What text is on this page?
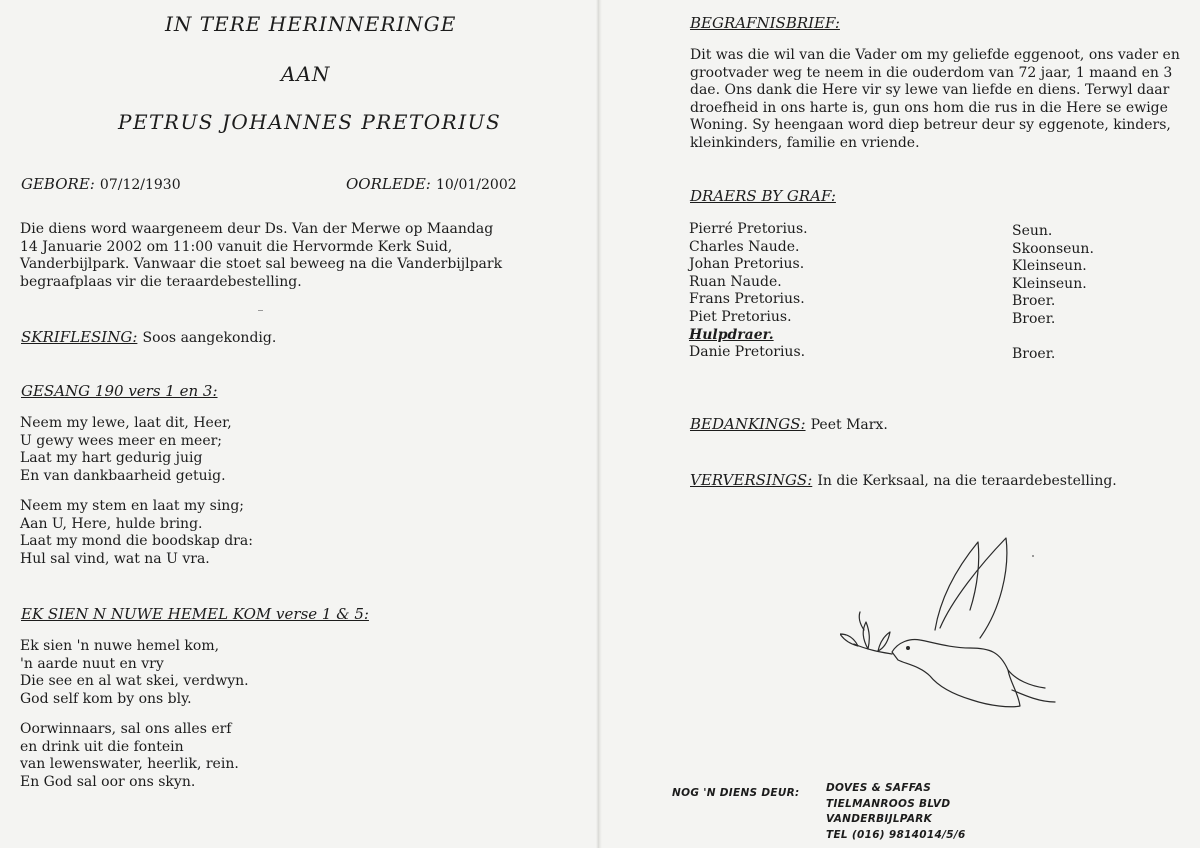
IN TERE HERINNERINGE
AAN
PETRUS JOHANNES PRETORIUS
GEBORE: 07/12/1930	OORLEDE: 10/01/2002
Die diens word waargeneem deur Ds. Van der Merwe op Maandag
14 Januarie 2002 om 11:00 vanuit die Hervormde Kerk Suid,
Vanderbijlpark. Vanwaar die stoet sal beweeg na die Vanderbijlpark
begraafplaas vir die teraardebestelling.
SKRIFLESING: Soos aangekondig.
GESANG 190 vers 1 en 3:
Neem my lewe, laat dit, Heer,
U gewy wees meer en meer;
Laat my hart gedurig juig
En van dankbaarheid getuig.
Neem my stem en laat my sing;
Aan U, Here, hulde bring.
Laat my mond die boodskap dra:
Hul sal vind, wat na U vra.
EK SIEN N NUWE HEMEL KOM verse 1 & 5:
Ek sien 'n nuwe hemel kom,
'n aarde nuut en vry
Die see en al wat skei, verdwyn.
God self kom by ons bly.
Oorwinnaars, sal ons alles erf
en drink uit die fontein
van lewenswater, heerlik, rein.
En God sal oor ons skyn.
BEGRAFNISBRIEF:
Dit was die wil van die Vader om my geliefde eggenoot, ons vader en
grootvader weg te neem in die ouderdom van 72 jaar, 1 maand en 3
dae. Ons dank die Here vir sy lewe van liefde en diens. Terwyl daar
droefheid in ons harte is, gun ons hom die rus in die Here se ewige
Woning. Sy heengaan word diep betreur deur sy eggenote, kinders,
kleinkinders, familie en vriende.
DRAERS BY GRAF:
Pierré Pretorius.
Charles Naude.
Johan Pretorius.
Ruan Naude.
Frans Pretorius.
Piet Pretorius.
Hulpdraer.
Danie Pretorius.
Seun.
Skoonseun.
Kleinseun.
Kleinseun.
Broer.
Broer.
Broer.
BEDANKINGS: Peet Marx.
VERVERSINGS: In die Kerksaal, na die teraardebestelling.
NOG 'N DIENS DEUR:	DOVES & SAFFAS
TIELMANROOS BLVD
VANDERBIJLPARK
TEL (016) 9814014/5/6
